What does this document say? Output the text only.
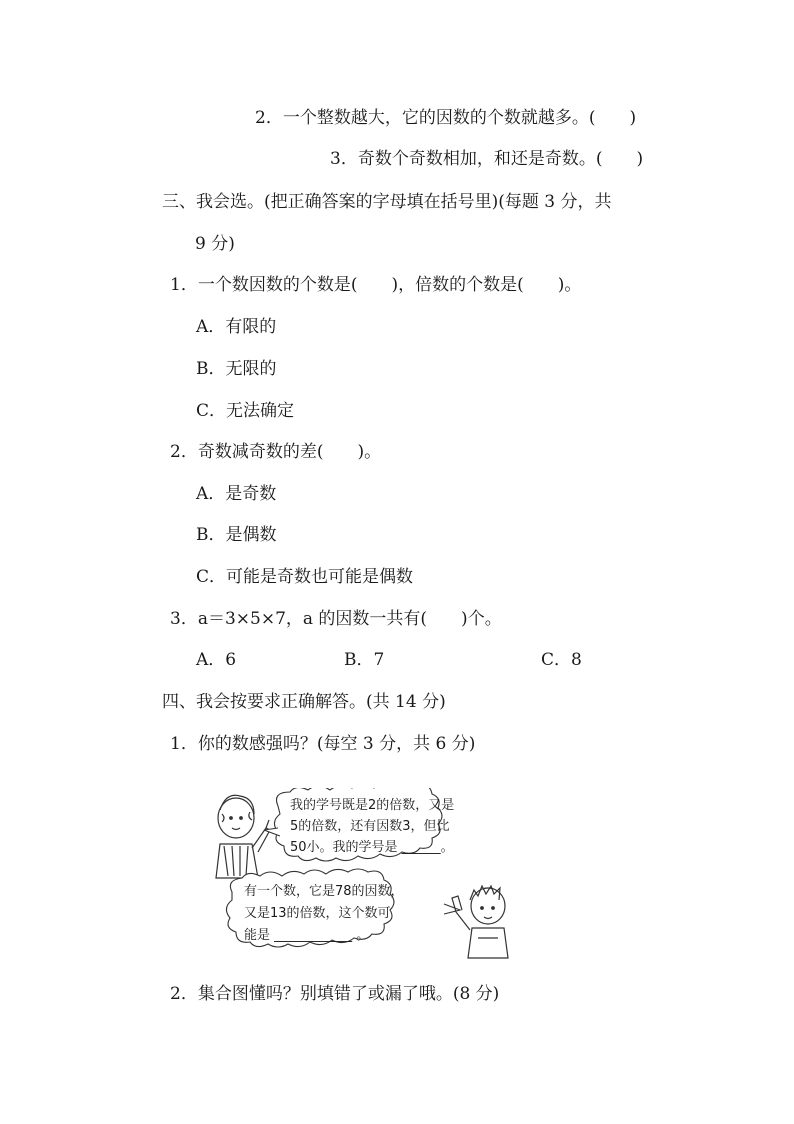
2．一个整数越大，它的因数的个数就越多。(　　)
3．奇数个奇数相加，和还是奇数。(　　)
三、我会选。(把正确答案的字母填在括号里)(每题 3 分，共
9 分)
1．一个数因数的个数是(　　)，倍数的个数是(　　)。
A．有限的
B．无限的
C．无法确定
2．奇数减奇数的差(　　)。
A．是奇数
B．是偶数
C．可能是奇数也可能是偶数
3．a＝3×5×7，a 的因数一共有(　　)个。
A．6	B．7	C．8
四、我会按要求正确解答。(共 14 分)
1．你的数感强吗？(每空 3 分，共 6 分)
我的学号既是2的倍数，又是
5的倍数，还有因数3，但比
50小。我的学号是 ______。
有一个数，它是78的因数，
又是13的倍数，这个数可
能是 ____________ 。
2．集合图懂吗？别填错了或漏了哦。(8 分)
